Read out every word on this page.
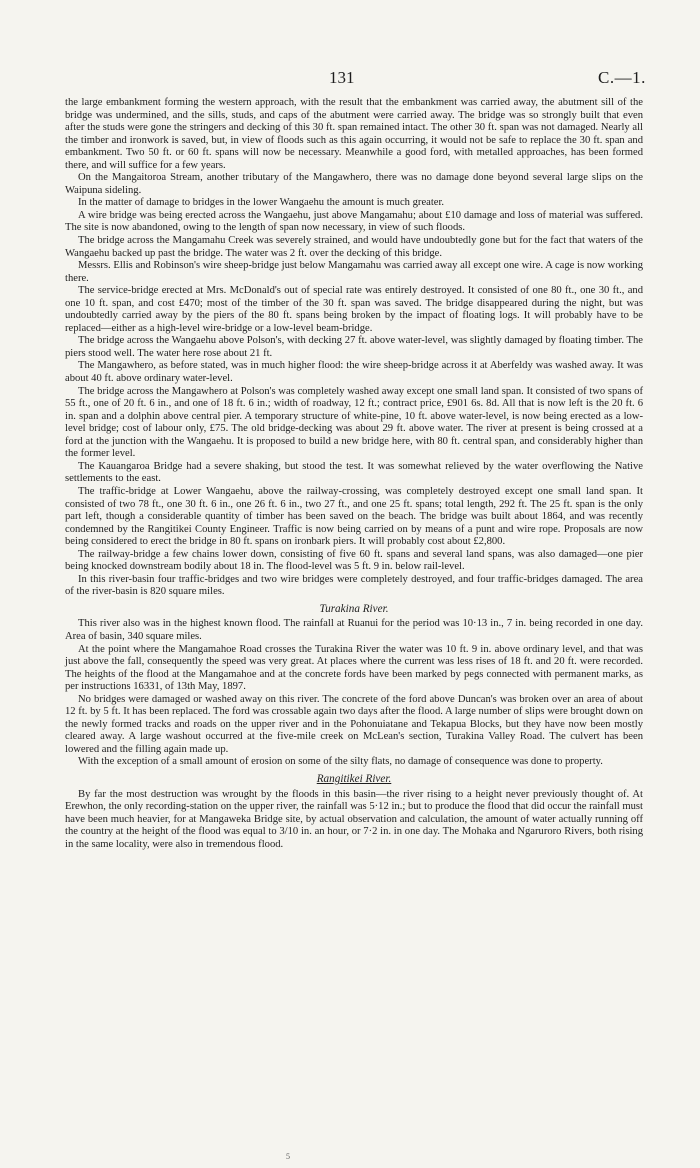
131	C.—1.

the large embankment forming the western approach, with the result that the embankment was carried away, the abutment sill of the bridge was undermined, and the sills, studs, and caps of the abutment were carried away. The bridge was so strongly built that even after the studs were gone the stringers and decking of this 30 ft. span remained intact. The other 30 ft. span was not damaged. Nearly all the timber and ironwork is saved, but, in view of floods such as this again occurring, it would not be safe to replace the 30 ft. span and embankment. Two 50 ft. or 60 ft. spans will now be necessary. Meanwhile a good ford, with metalled approaches, has been formed there, and will suffice for a few years.

On the Mangaitoroa Stream, another tributary of the Mangawhero, there was no damage done beyond several large slips on the Waipuna sideling.

In the matter of damage to bridges in the lower Wangaehu the amount is much greater.

A wire bridge was being erected across the Wangaehu, just above Mangamahu; about £10 damage and loss of material was suffered. The site is now abandoned, owing to the length of span now necessary, in view of such floods.

The bridge across the Mangamahu Creek was severely strained, and would have undoubtedly gone but for the fact that waters of the Wangaehu backed up past the bridge. The water was 2 ft. over the decking of this bridge.

Messrs. Ellis and Robinson's wire sheep-bridge just below Mangamahu was carried away all except one wire. A cage is now working there.

The service-bridge erected at Mrs. McDonald's out of special rate was entirely destroyed. It consisted of one 80 ft., one 30 ft., and one 10 ft. span, and cost £470; most of the timber of the 30 ft. span was saved. The bridge disappeared during the night, but was undoubtedly carried away by the piers of the 80 ft. spans being broken by the impact of floating logs. It will probably have to be replaced—either as a high-level wire-bridge or a low-level beam-bridge.

The bridge across the Wangaehu above Polson's, with decking 27 ft. above water-level, was slightly damaged by floating timber. The piers stood well. The water here rose about 21 ft.

The Mangawhero, as before stated, was in much higher flood: the wire sheep-bridge across it at Aberfeldy was washed away. It was about 40 ft. above ordinary water-level.

The bridge across the Mangawhero at Polson's was completely washed away except one small land span. It consisted of two spans of 55 ft., one of 20 ft. 6 in., and one of 18 ft. 6 in.; width of roadway, 12 ft.; contract price, £901 6s. 8d. All that is now left is the 20 ft. 6 in. span and a dolphin above central pier. A temporary structure of white-pine, 10 ft. above water-level, is now being erected as a low-level bridge; cost of labour only, £75. The old bridge-decking was about 29 ft. above water. The river at present is being crossed at a ford at the junction with the Wangaehu. It is proposed to build a new bridge here, with 80 ft. central span, and considerably higher than the former level.

The Kauangaroa Bridge had a severe shaking, but stood the test. It was somewhat relieved by the water overflowing the Native settlements to the east.

The traffic-bridge at Lower Wangaehu, above the railway-crossing, was completely destroyed except one small land span. It consisted of two 78 ft., one 30 ft. 6 in., one 26 ft. 6 in., two 27 ft., and one 25 ft. spans; total length, 292 ft. The 25 ft. span is the only part left, though a considerable quantity of timber has been saved on the beach. The bridge was built about 1864, and was recently condemned by the Rangitikei County Engineer. Traffic is now being carried on by means of a punt and wire rope. Proposals are now being considered to erect the bridge in 80 ft. spans on ironbark piers. It will probably cost about £2,800.

The railway-bridge a few chains lower down, consisting of five 60 ft. spans and several land spans, was also damaged—one pier being knocked downstream bodily about 18 in. The flood-level was 5 ft. 9 in. below rail-level.

In this river-basin four traffic-bridges and two wire bridges were completely destroyed, and four traffic-bridges damaged. The area of the river-basin is 820 square miles.

Turakina River.

This river also was in the highest known flood. The rainfall at Ruanui for the period was 10·13 in., 7 in. being recorded in one day. Area of basin, 340 square miles.

At the point where the Mangamahoe Road crosses the Turakina River the water was 10 ft. 9 in. above ordinary level, and that was just above the fall, consequently the speed was very great. At places where the current was less rises of 18 ft. and 20 ft. were recorded. The heights of the flood at the Mangamahoe and at the concrete fords have been marked by pegs connected with permanent marks, as per instructions 16331, of 13th May, 1897.

No bridges were damaged or washed away on this river. The concrete of the ford above Duncan's was broken over an area of about 12 ft. by 5 ft. It has been replaced. The ford was crossable again two days after the flood. A large number of slips were brought down on the newly formed tracks and roads on the upper river and in the Pohonuiatane and Tekapua Blocks, but they have now been mostly cleared away. A large washout occurred at the five-mile creek on McLean's section, Turakina Valley Road. The culvert has been lowered and the filling again made up.

With the exception of a small amount of erosion on some of the silty flats, no damage of consequence was done to property.

Rangitikei River.

By far the most destruction was wrought by the floods in this basin—the river rising to a height never previously thought of. At Erewhon, the only recording-station on the upper river, the rainfall was 5·12 in.; but to produce the flood that did occur the rainfall must have been much heavier, for at Mangaweka Bridge site, by actual observation and calculation, the amount of water actually running off the country at the height of the flood was equal to 3/10 in. an hour, or 7·2 in. in one day. The Mohaka and Ngaruroro Rivers, both rising in the same locality, were also in tremendous flood.

5
